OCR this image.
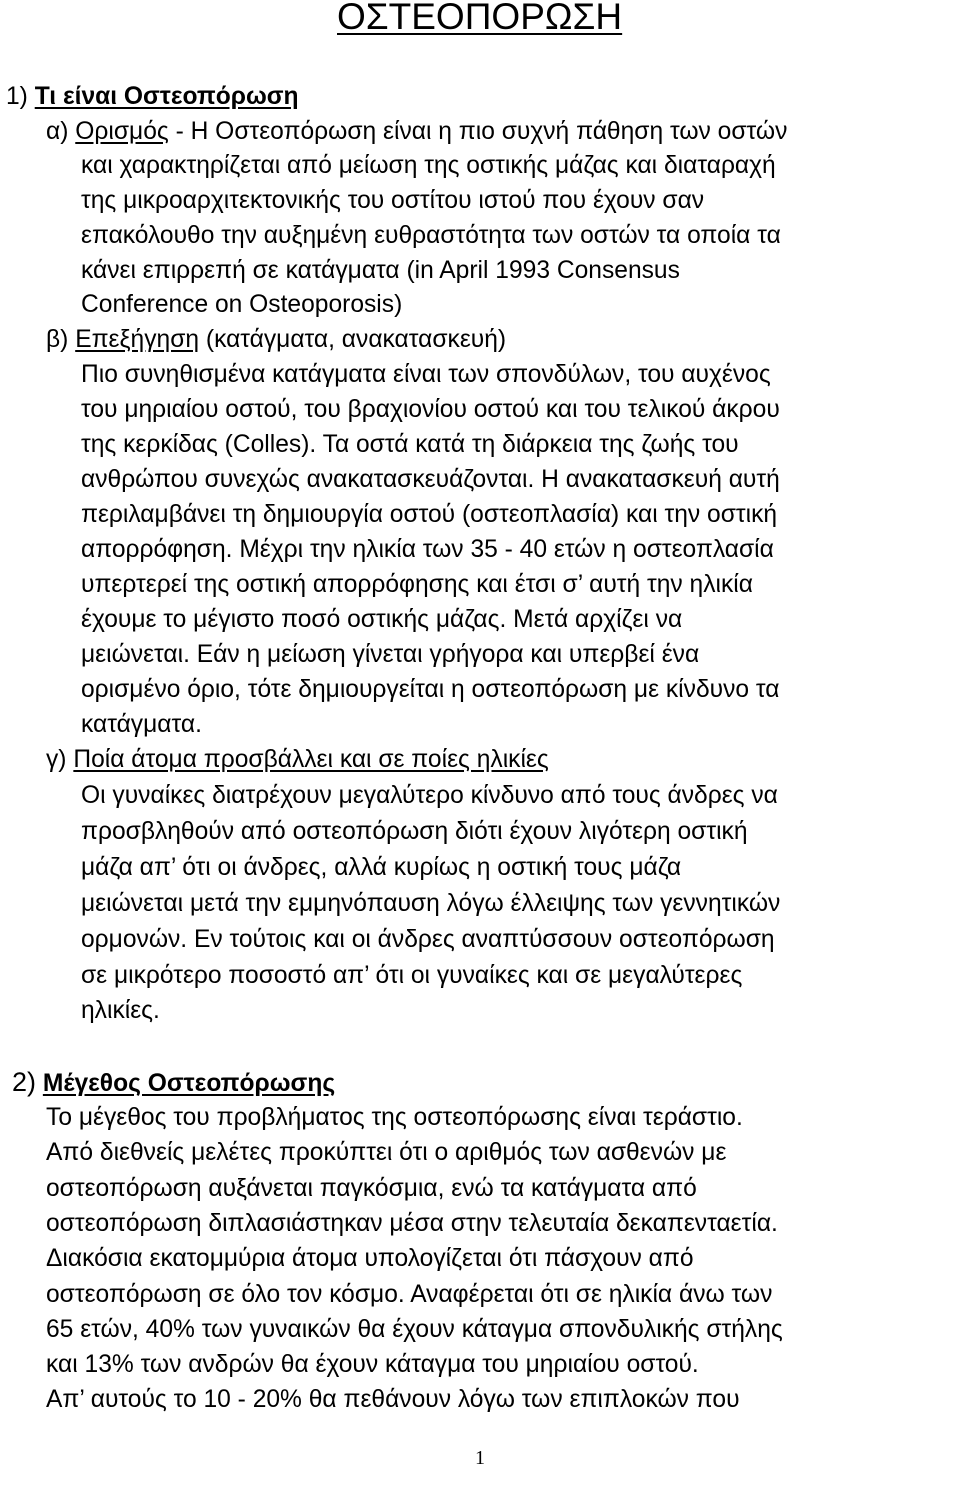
ΟΣΤΕΟΠΟΡΩΣΗ
1) Τι είναι Οστεοπόρωση
α) Ορισμός - Η Οστεοπόρωση είναι η πιο συχνή πάθηση των οστών
και χαρακτηρίζεται από μείωση της οστικής μάζας και διαταραχή
της μικροαρχιτεκτονικής του οστίτου ιστού που έχουν σαν
επακόλουθο την αυξημένη ευθραστότητα των οστών τα οποία τα
κάνει επιρρεπή σε κατάγματα (in April 1993 Consensus
Conference on Osteoporosis)
β) Επεξήγηση (κατάγματα, ανακατασκευή)
Πιο συνηθισμένα κατάγματα είναι των σπονδύλων, του αυχένος
του μηριαίου οστού, του βραχιονίου οστού και του τελικού άκρου
της κερκίδας (Colles). Τα οστά κατά τη διάρκεια της ζωής του
ανθρώπου συνεχώς ανακατασκευάζονται. Η ανακατασκευή αυτή
περιλαμβάνει τη δημιουργία οστού (οστεοπλασία) και την οστική
απορρόφηση. Μέχρι την ηλικία των 35 - 40 ετών η οστεοπλασία
υπερτερεί της οστική απορρόφησης και έτσι σ’ αυτή την ηλικία
έχουμε το μέγιστο ποσό οστικής μάζας. Μετά αρχίζει να
μειώνεται. Εάν η μείωση γίνεται γρήγορα και υπερβεί ένα
ορισμένο όριο, τότε δημιουργείται η οστεοπόρωση με κίνδυνο τα
κατάγματα.
γ) Ποία άτομα προσβάλλει και σε ποίες ηλικίες
Οι γυναίκες διατρέχουν μεγαλύτερο κίνδυνο από τους άνδρες να
προσβληθούν από οστεοπόρωση διότι έχουν λιγότερη οστική
μάζα απ’ ότι οι άνδρες, αλλά κυρίως η οστική τους μάζα
μειώνεται μετά την εμμηνόπαυση λόγω έλλειψης των γεννητικών
ορμονών. Εν τούτοις και οι άνδρες αναπτύσσουν οστεοπόρωση
σε μικρότερο ποσοστό απ’ ότι οι γυναίκες και σε μεγαλύτερες
ηλικίες.
2) Μέγεθος Οστεοπόρωσης
Το μέγεθος του προβλήματος της οστεοπόρωσης είναι τεράστιο.
Από διεθνείς μελέτες προκύπτει ότι ο αριθμός των ασθενών με
οστεοπόρωση αυξάνεται παγκόσμια, ενώ τα κατάγματα από
οστεοπόρωση διπλασιάστηκαν μέσα στην τελευταία δεκαπενταετία.
Διακόσια εκατομμύρια άτομα υπολογίζεται ότι πάσχουν από
οστεοπόρωση σε όλο τον κόσμο. Αναφέρεται ότι σε ηλικία άνω των
65 ετών, 40% των γυναικών θα έχουν κάταγμα σπονδυλικής στήλης
και 13% των ανδρών θα έχουν κάταγμα του μηριαίου οστού.
Απ’ αυτούς το 10 - 20% θα πεθάνουν λόγω των επιπλοκών που
1
